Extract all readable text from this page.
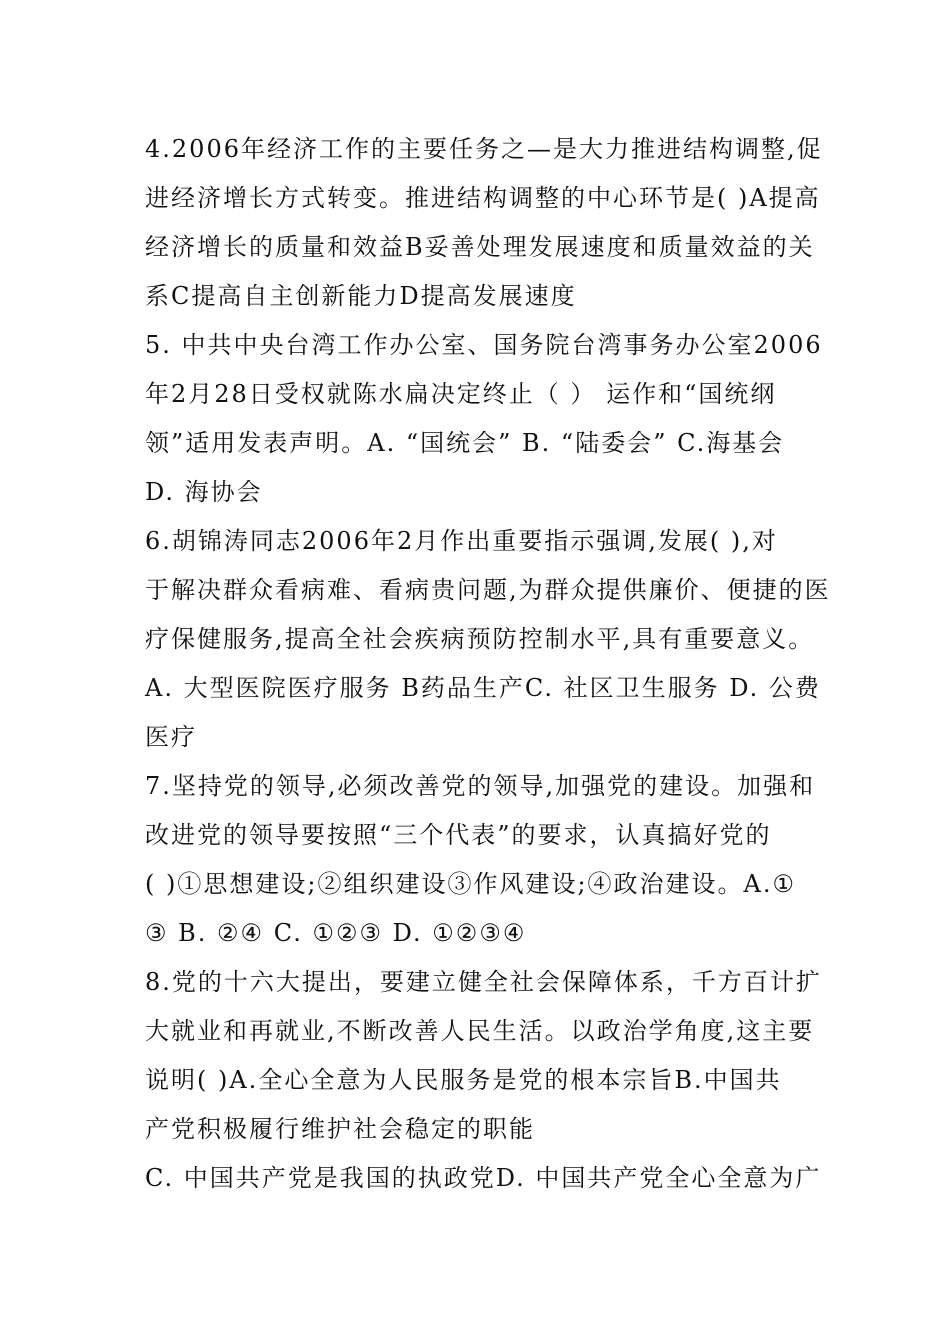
4.2006年经济工作的主要任务之—是大力推进结构调整,促
进经济增长方式转变。推进结构调整的中心环节是( )A提高
经济增长的质量和效益B妥善处理发展速度和质量效益的关
系C提高自主创新能力D提高发展速度
5. 中共中央台湾工作办公室、国务院台湾事务办公室2006
年2月28日受权就陈水扁决定终止（ ） 运作和“国统纲
领”适用发表声明。A. “国统会” B. “陆委会” C.海基会
D. 海协会
6.胡锦涛同志2006年2月作出重要指示强调,发展( ),对
于解决群众看病难、看病贵问题,为群众提供廉价、便捷的医
疗保健服务,提高全社会疾病预防控制水平,具有重要意义。
A. 大型医院医疗服务 B药品生产C. 社区卫生服务 D. 公费
医疗
7.坚持党的领导,必须改善党的领导,加强党的建设。加强和
改进党的领导要按照“三个代表”的要求，认真搞好党的
( )①思想建设;②组织建设③作风建设;④政治建设。A.①
③ B. ②④ C. ①②③ D. ①②③④
8.党的十六大提出，要建立健全社会保障体系，千方百计扩
大就业和再就业,不断改善人民生活。以政治学角度,这主要
说明( )A.全心全意为人民服务是党的根本宗旨B.中国共
产党积极履行维护社会稳定的职能
C. 中国共产党是我国的执政党D. 中国共产党全心全意为广
